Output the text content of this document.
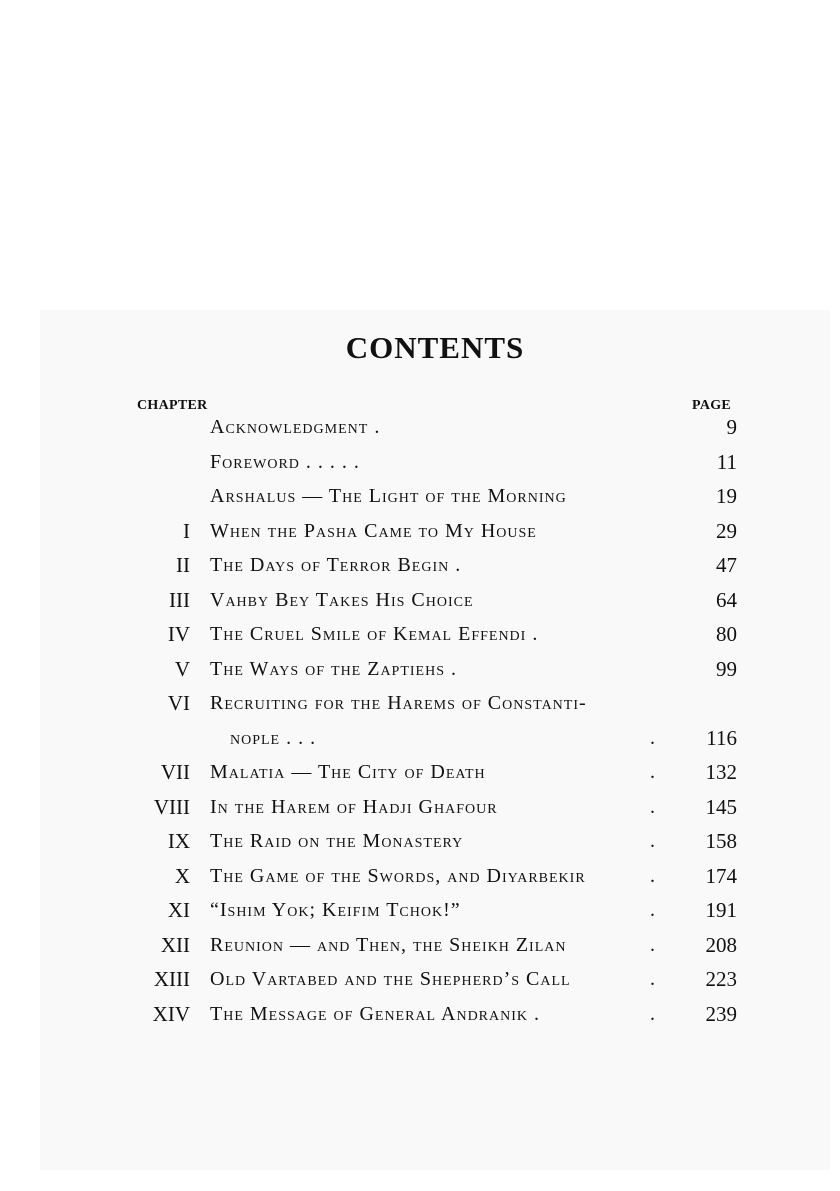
CONTENTS
CHAPTER	PAGE
Acknowledgment .	9
Foreword . . . . .	11
Arshalus — The Light of the Morning	19
I When the Pasha Came to My House	29
II The Days of Terror Begin .	47
III Vahby Bey Takes His Choice	64
IV The Cruel Smile of Kemal Effendi .	80
V The Ways of the Zaptiehs .	99
VI Recruiting for the Harems of Constanti-
nople . . .	. 116
VII Malatia — The City of Death	. 132
VIII In the Harem of Hadji Ghafour	. 145
IX The Raid on the Monastery	. 158
X The Game of the Swords, and Diyarbekir	. 174
XI “Ishim Yok; Keifim Tchok!”	. 191
XII Reunion — and Then, the Sheikh Zilan	. 208
XIII Old Vartabed and the Shepherd’s Call	. 223
XIV The Message of General Andranik .	. 239
